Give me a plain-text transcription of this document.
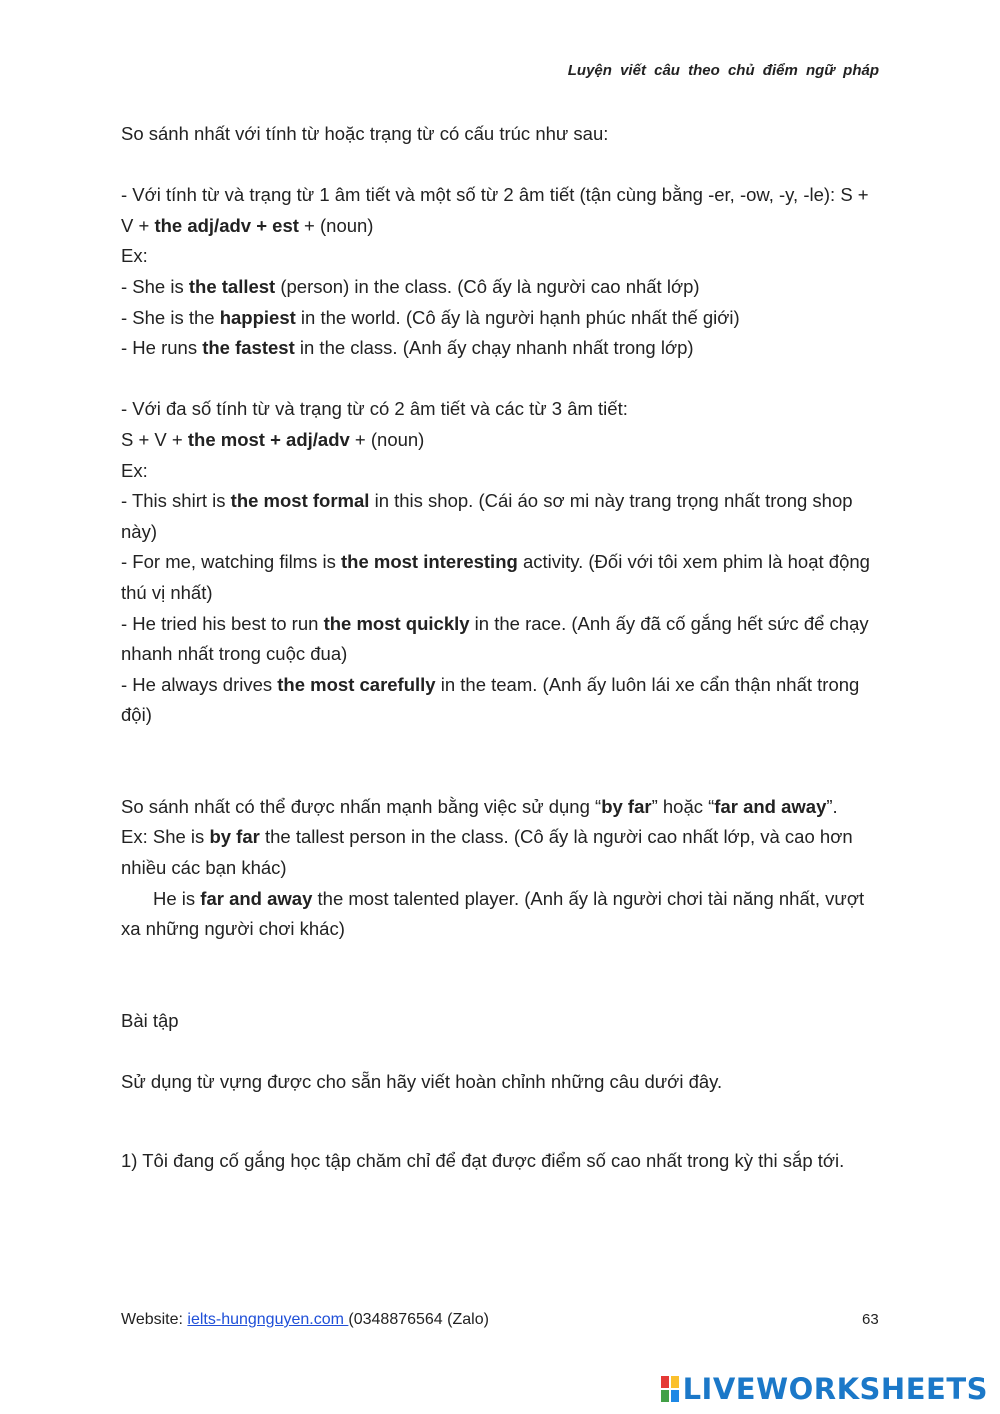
Luyện viết câu theo chủ điểm ngữ pháp

So sánh nhất với tính từ hoặc trạng từ có cấu trúc như sau:

- Với tính từ và trạng từ 1 âm tiết và một số từ 2 âm tiết (tận cùng bằng -er, -ow, -y, -le): S + V + the adj/adv + est + (noun)

Ex:

- She is the tallest (person) in the class. (Cô ấy là người cao nhất lớp)

- She is the happiest in the world. (Cô ấy là người hạnh phúc nhất thế giới)

- He runs the fastest in the class. (Anh ấy chạy nhanh nhất trong lớp)

- Với đa số tính từ và trạng từ có 2 âm tiết và các từ 3 âm tiết:

S + V + the most + adj/adv + (noun)

Ex:

- This shirt is the most formal in this shop. (Cái áo sơ mi này trang trọng nhất trong shop này)

- For me, watching films is the most interesting activity. (Đối với tôi xem phim là hoạt động thú vị nhất)

- He tried his best to run the most quickly in the race. (Anh ấy đã cố gắng hết sức để chạy nhanh nhất trong cuộc đua)

- He always drives the most carefully in the team. (Anh ấy luôn lái xe cẩn thận nhất trong đội)

So sánh nhất có thể được nhấn mạnh bằng việc sử dụng “by far” hoặc “far and away”.

Ex: She is by far the tallest person in the class. (Cô ấy là người cao nhất lớp, và cao hơn nhiều các bạn khác)

He is far and away the most talented player. (Anh ấy là người chơi tài năng nhất, vượt xa những người chơi khác)

Bài tập

Sử dụng từ vựng được cho sẵn hãy viết hoàn chỉnh những câu dưới đây.

1) Tôi đang cố gắng học tập chăm chỉ để đạt được điểm số cao nhất trong kỳ thi sắp tới.

Website: ielts-hungnguyen.com (0348876564 (Zalo)	63
LIVEWORKSHEETS
